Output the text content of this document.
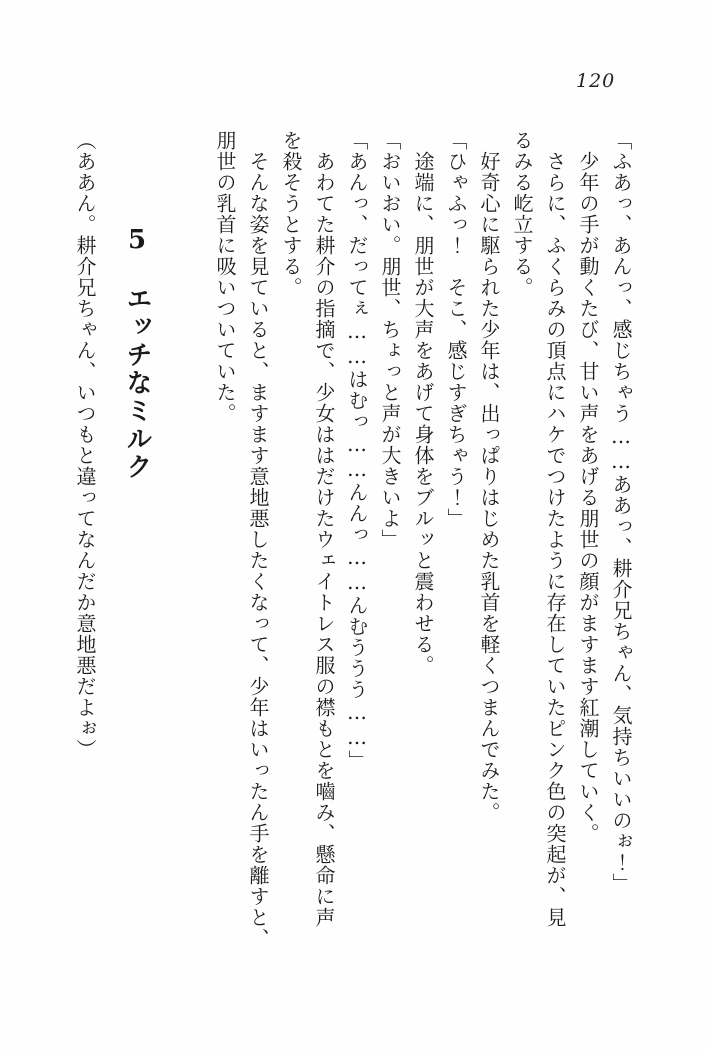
120

「ふあっ、あんっ、感じちゃう……ああっ、耕介兄ちゃん、気持ちいいのぉ！」

少年の手が動くたび、甘い声をあげる朋世の顔がますます紅潮していく。

さらに、ふくらみの頂点にハケでつけたように存在していたピンク色の突起が、見

るみる屹立する。

好奇心に駆られた少年は、出っぱりはじめた乳首を軽くつまんでみた。

「ひゃふっ！　そこ、感じすぎちゃう！」

途端に、朋世が大声をあげて身体をブルッと震わせる。

「おいおい。朋世、ちょっと声が大きいよ」

「あんっ、だってぇ……はむっ……んんっ……んむううう……」

あわてた耕介の指摘で、少女ははだけたウェイトレス服の襟もとを嚙み、懸命に声

を殺そうとする。

そんな姿を見ていると、ますます意地悪したくなって、少年はいったん手を離すと、

朋世の乳首に吸いついていた。

5　エッチなミルク

（ああん。耕介兄ちゃん、いつもと違ってなんだか意地悪だよぉ）
